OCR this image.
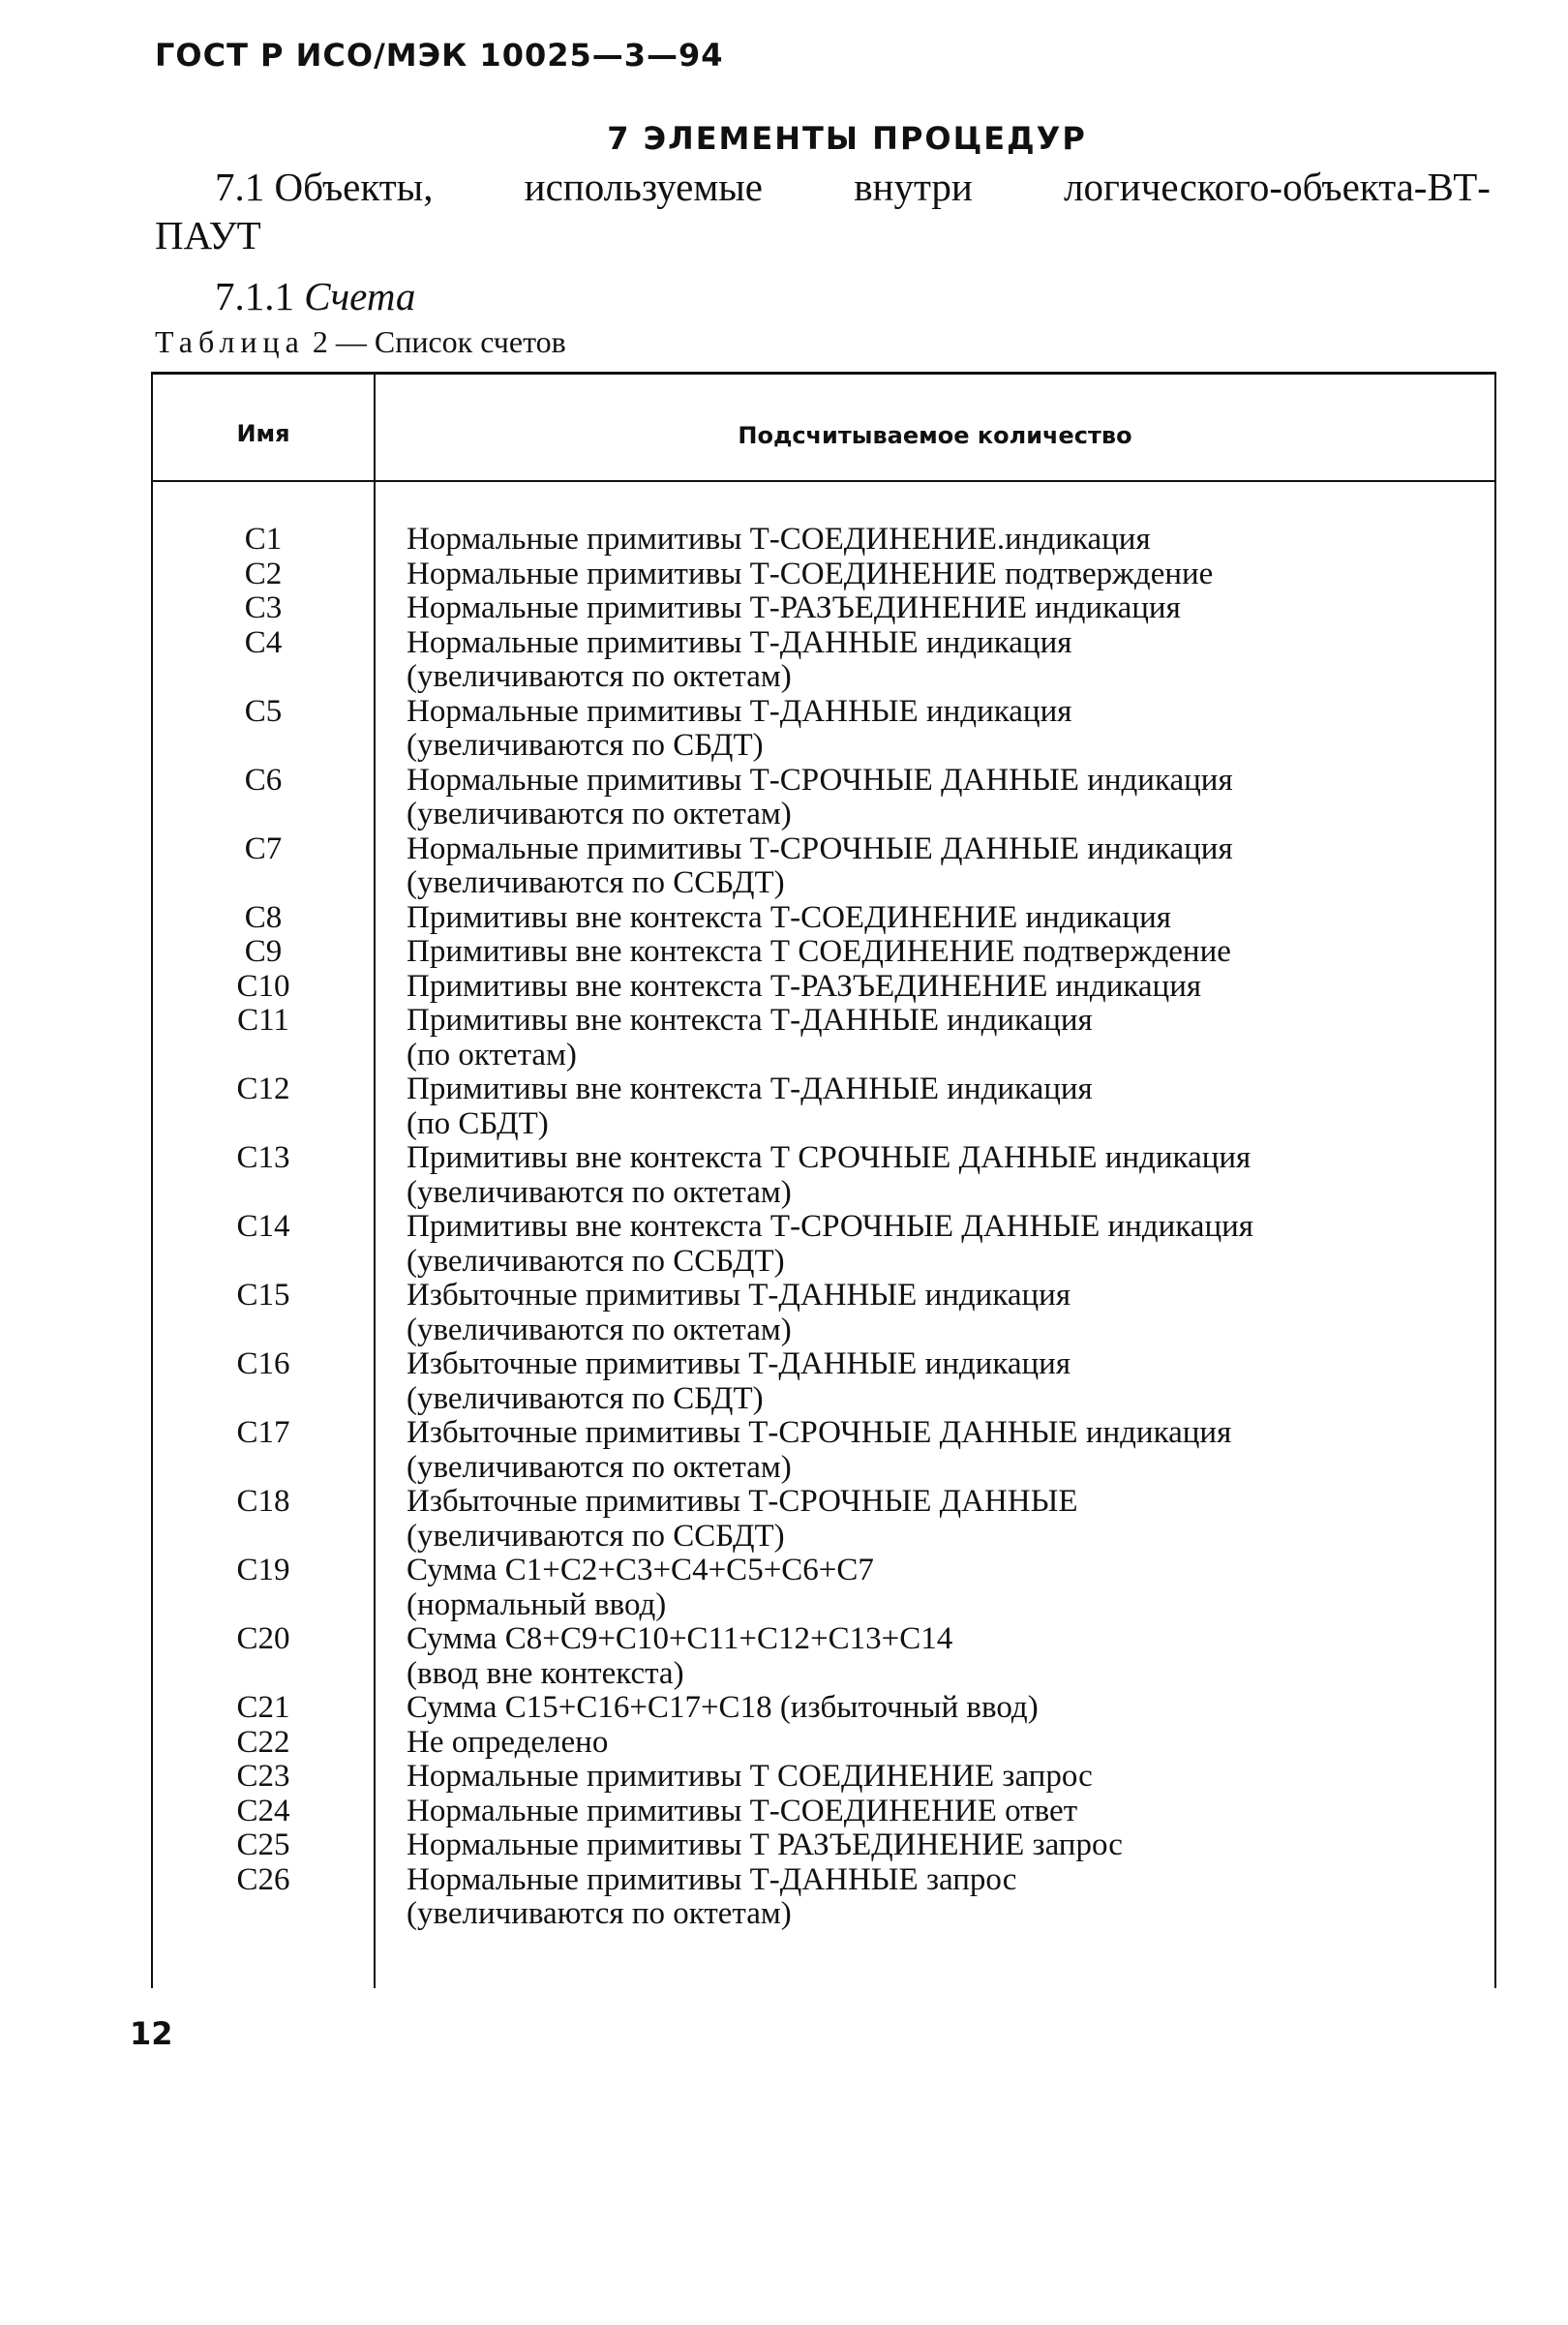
ГОСТ Р ИСО/МЭК 10025—3—94
7 ЭЛЕМЕНТЫ ПРОЦЕДУР
7.1 Объекты, используемые внутри логического-объекта-ВТ-
ПАУТ
7.1.1 Счета
Таблица 2 — Список счетов
Имя	Подсчитываемое количество
C1	Нормальные примитивы Т-СОЕДИНЕНИЕ.индикация
C2	Нормальные примитивы Т-СОЕДИНЕНИЕ подтверждение
C3	Нормальные примитивы Т-РАЗЪЕДИНЕНИЕ индикация
C4	Нормальные примитивы Т-ДАННЫЕ индикация
(увеличиваются по октетам)
C5	Нормальные примитивы Т-ДАННЫЕ индикация
(увеличиваются по СБДТ)
C6	Нормальные примитивы Т-СРОЧНЫЕ ДАННЫЕ индикация
(увеличиваются по октетам)
C7	Нормальные примитивы Т-СРОЧНЫЕ ДАННЫЕ индикация
(увеличиваются по ССБДТ)
C8	Примитивы вне контекста Т-СОЕДИНЕНИЕ индикация
C9	Примитивы вне контекста Т СОЕДИНЕНИЕ подтверждение
C10	Примитивы вне контекста Т-РАЗЪЕДИНЕНИЕ индикация
C11	Примитивы вне контекста Т-ДАННЫЕ индикация
(по октетам)
C12	Примитивы вне контекста Т-ДАННЫЕ индикация
(по СБДТ)
C13	Примитивы вне контекста Т СРОЧНЫЕ ДАННЫЕ индикация
(увеличиваются по октетам)
C14	Примитивы вне контекста Т-СРОЧНЫЕ ДАННЫЕ индикация
(увеличиваются по ССБДТ)
C15	Избыточные примитивы Т-ДАННЫЕ индикация
(увеличиваются по октетам)
C16	Избыточные примитивы Т-ДАННЫЕ индикация
(увеличиваются по СБДТ)
C17	Избыточные примитивы Т-СРОЧНЫЕ ДАННЫЕ индикация
(увеличиваются по октетам)
C18	Избыточные примитивы Т-СРОЧНЫЕ ДАННЫЕ
(увеличиваются по ССБДТ)
C19	Сумма C1+C2+C3+C4+C5+C6+C7
(нормальный ввод)
C20	Сумма C8+C9+C10+C11+C12+C13+C14
(ввод вне контекста)
C21	Сумма C15+C16+C17+C18 (избыточный ввод)
C22	Не определено
C23	Нормальные примитивы Т СОЕДИНЕНИЕ запрос
C24	Нормальные примитивы Т-СОЕДИНЕНИЕ ответ
C25	Нормальные примитивы Т РАЗЪЕДИНЕНИЕ запрос
C26	Нормальные примитивы Т-ДАННЫЕ запрос
(увеличиваются по октетам)
12
